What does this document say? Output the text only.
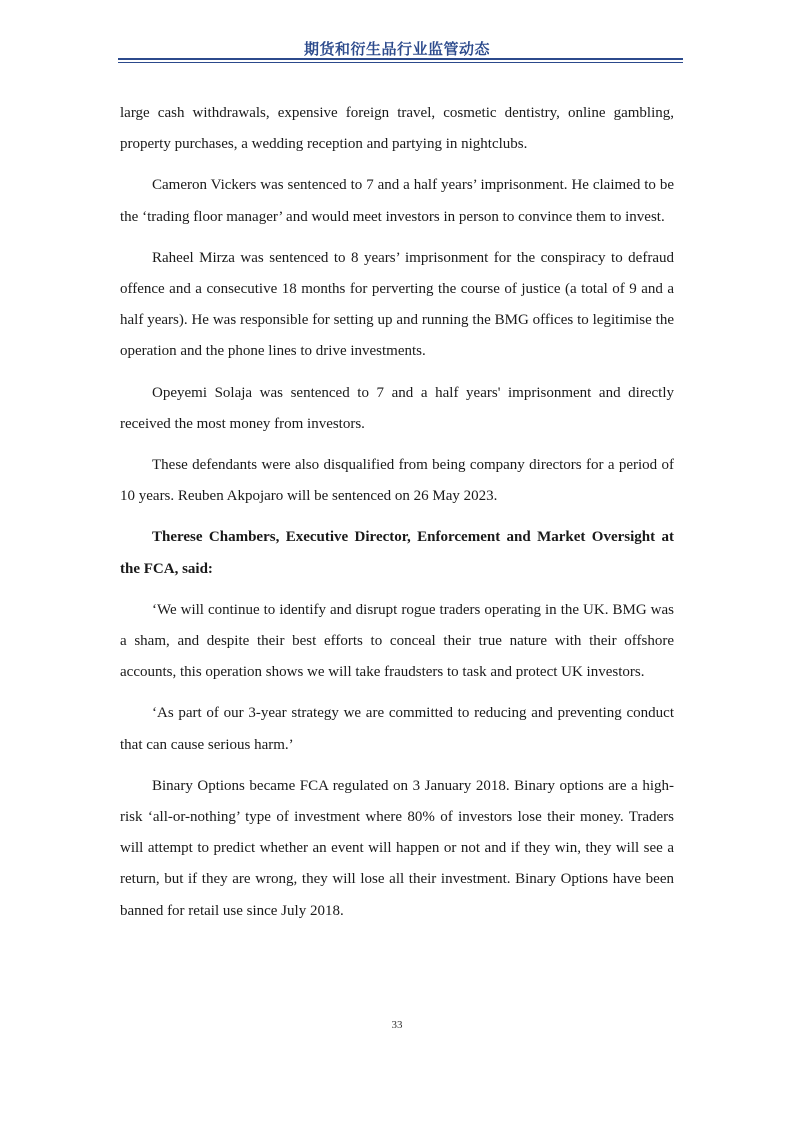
期货和衍生品行业监管动态

large cash withdrawals, expensive foreign travel, cosmetic dentistry, online gambling, property purchases, a wedding reception and partying in nightclubs.

Cameron Vickers was sentenced to 7 and a half years’ imprisonment. He claimed to be the ‘trading floor manager’ and would meet investors in person to convince them to invest.

Raheel Mirza was sentenced to 8 years’ imprisonment for the conspiracy to defraud offence and a consecutive 18 months for perverting the course of justice (a total of 9 and a half years). He was responsible for setting up and running the BMG offices to legitimise the operation and the phone lines to drive investments.

Opeyemi Solaja was sentenced to 7 and a half years' imprisonment and directly received the most money from investors.

These defendants were also disqualified from being company directors for a period of 10 years. Reuben Akpojaro will be sentenced on 26 May 2023.

Therese Chambers, Executive Director, Enforcement and Market Oversight at the FCA, said:

‘We will continue to identify and disrupt rogue traders operating in the UK. BMG was a sham, and despite their best efforts to conceal their true nature with their offshore accounts, this operation shows we will take fraudsters to task and protect UK investors.

‘As part of our 3-year strategy we are committed to reducing and preventing conduct that can cause serious harm.’

Binary Options became FCA regulated on 3 January 2018. Binary options are a high-risk ‘all-or-nothing’ type of investment where 80% of investors lose their money. Traders will attempt to predict whether an event will happen or not and if they win, they will see a return, but if they are wrong, they will lose all their investment. Binary Options have been banned for retail use since July 2018.

33
